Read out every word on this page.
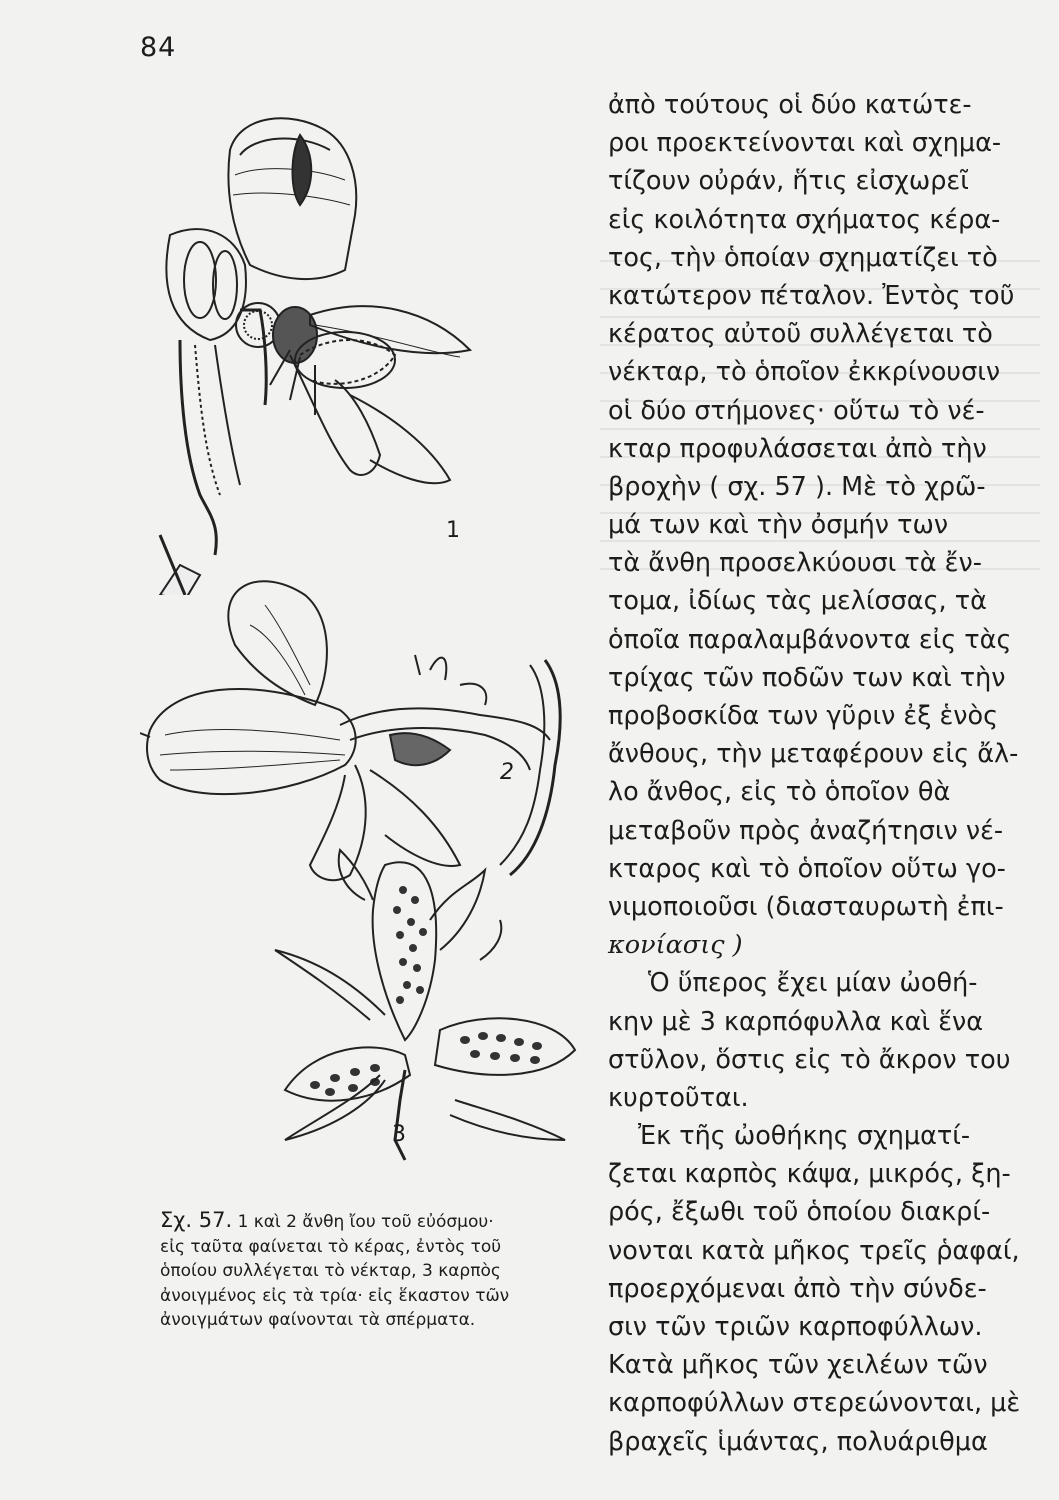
84
1
2
3
Σχ. 57. 1 καὶ 2 ἄνθη ἴου τοῦ εὐόσμου·
εἰς ταῦτα φαίνεται τὸ κέρας, ἐντὸς τοῦ
ὁποίου συλλέγεται τὸ νέκταρ, 3 καρπὸς
ἀνοιγμένος εἰς τὰ τρία· εἰς ἕκαστον τῶν
ἀνοιγμάτων φαίνονται τὰ σπέρματα.
ἀπὸ τούτους οἱ δύο κατώτε-
ροι προεκτείνονται καὶ σχημα-
τίζουν οὐράν, ἥτις εἰσχωρεῖ
εἰς κοιλότητα σχήματος κέρα-
τος, τὴν ὁποίαν σχηματίζει τὸ
κατώτερον πέταλον. Ἐντὸς τοῦ
κέρατος αὐτοῦ συλλέγεται τὸ
νέκταρ, τὸ ὁποῖον ἐκκρίνουσιν
οἱ δύο στήμονες· οὕτω τὸ νέ-
κταρ προφυλάσσεται ἀπὸ τὴν
βροχὴν ( σχ. 57 ). Μὲ τὸ χρῶ-
μά των καὶ τὴν ὀσμήν των
τὰ ἄνθη προσελκύουσι τὰ ἔν-
τομα, ἰδίως τὰς μελίσσας, τὰ
ὁποῖα παραλαμβάνοντα εἰς τὰς
τρίχας τῶν ποδῶν των καὶ τὴν
προβοσκίδα των γῦριν ἐξ ἑνὸς
ἄνθους, τὴν μεταφέρουν εἰς ἄλ-
λο ἄνθος, εἰς τὸ ὁποῖον θὰ
μεταβοῦν πρὸς ἀναζήτησιν νέ-
κταρος καὶ τὸ ὁποῖον οὕτω γο-
νιμοποιοῦσι (διασταυρωτὴ ἐπι-
κονίασις )
Ὁ ὕπερος ἔχει μίαν ὠοθή-
κην μὲ 3 καρπόφυλλα καὶ ἕνα
στῦλον, ὅστις εἰς τὸ ἄκρον του
κυρτοῦται.
Ἐκ τῆς ὠοθήκης σχηματί-
ζεται καρπὸς κάψα, μικρός, ξη-
ρός, ἔξωθι τοῦ ὁποίου διακρί-
νονται κατὰ μῆκος τρεῖς ῥαφαί,
προερχόμεναι ἀπὸ τὴν σύνδε-
σιν τῶν τριῶν καρποφύλλων.
Κατὰ μῆκος τῶν χειλέων τῶν
καρποφύλλων στερεώνονται, μὲ
βραχεῖς ἱμάντας, πολυάριθμα
